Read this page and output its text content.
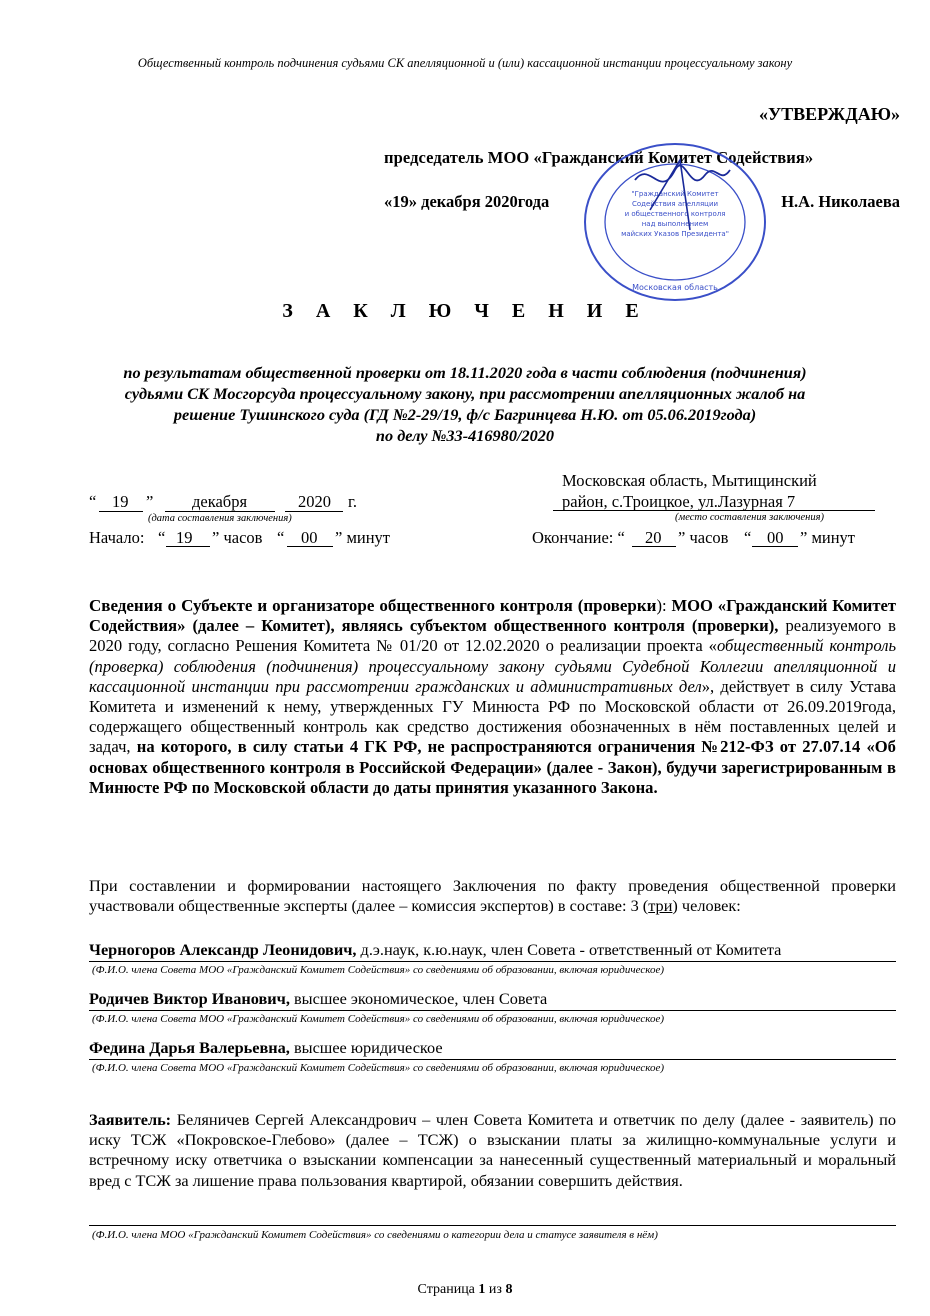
Общественный контроль подчинения судьями СК апелляционной и (или) кассационной инстанции процессуальному закону
«УТВЕРЖДАЮ»
председатель МОО «Гражданский Комитет Содействия»
«19» декабря 2020года	Н.А. Николаева
"Гражданский Комитет
Содействия апелляции
и общественного контроля
над выполнением
майских Указов Президента"
Московская область
З А К Л Ю Ч Е Н И Е
по результатам общественной проверки от 18.11.2020 года в части соблюдения (подчинения)
судьями СК Мосгорсуда процессуальному закону, при рассмотрении апелляционных жалоб на
решение Тушинского суда (ГД №2-29/19, ф/с Багринцева Н.Ю. от 05.06.2019года)
по делу №33-416980/2020
Московская область, Мытищинский
район, с.Троицкое, ул.Лазурная 7
(место составления заключения)
“ 19 ” декабря	2020 г.
(дата составления заключения)
Начало: “ 19 ” часов “ 00 ” минут	Окончание: “ 20 ” часов “ 00 ” минут
Сведения о Субъекте и организаторе общественного контроля (проверки): МОО «Гражданский Комитет Содействия» (далее – Комитет), являясь субъектом общественного контроля (проверки), реализуемого в 2020 году, согласно Решения Комитета № 01/20 от 12.02.2020 о реализации проекта «общественный контроль (проверка) соблюдения (подчинения) процессуальному закону судьями Судебной Коллегии апелляционной и кассационной инстанции при рассмотрении гражданских и административных дел», действует в силу Устава Комитета и изменений к нему, утвержденных ГУ Минюста РФ по Московской области от 26.09.2019года, содержащего общественный контроль как средство достижения обозначенных в нём поставленных целей и задач, на которого, в силу статьи 4 ГК РФ, не распространяются ограничения №212-ФЗ от 27.07.14 «Об основах общественного контроля в Российской Федерации» (далее - Закон), будучи зарегистрированным в Минюсте РФ по Московской области до даты принятия указанного Закона.
При составлении и формировании настоящего Заключения по факту проведения общественной проверки участвовали общественные эксперты (далее – комиссия экспертов) в составе: 3 (три) человек:
Черногоров Александр Леонидович, д.э.наук, к.ю.наук, член Совета - ответственный от Комитета
(Ф.И.О. члена Совета МОО «Гражданский Комитет Содействия» со сведениями об образовании, включая юридическое)
Родичев Виктор Иванович, высшее экономическое, член Совета
(Ф.И.О. члена Совета МОО «Гражданский Комитет Содействия» со сведениями об образовании, включая юридическое)
Федина Дарья Валерьевна, высшее юридическое
(Ф.И.О. члена Совета МОО «Гражданский Комитет Содействия» со сведениями об образовании, включая юридическое)
Заявитель: Беляничев Сергей Александрович – член Совета Комитета и ответчик по делу (далее - заявитель) по иску ТСЖ «Покровское-Глебово» (далее – ТСЖ) о взыскании платы за жилищно-коммунальные услуги и встречному иску ответчика о взыскании компенсации за нанесенный существенный материальный и моральный вред с ТСЖ за лишение права пользования квартирой, обязании совершить действия.
(Ф.И.О. члена МОО «Гражданский Комитет Содействия» со сведениями о категории дела и статусе заявителя в нём)
Страница 1 из 8
